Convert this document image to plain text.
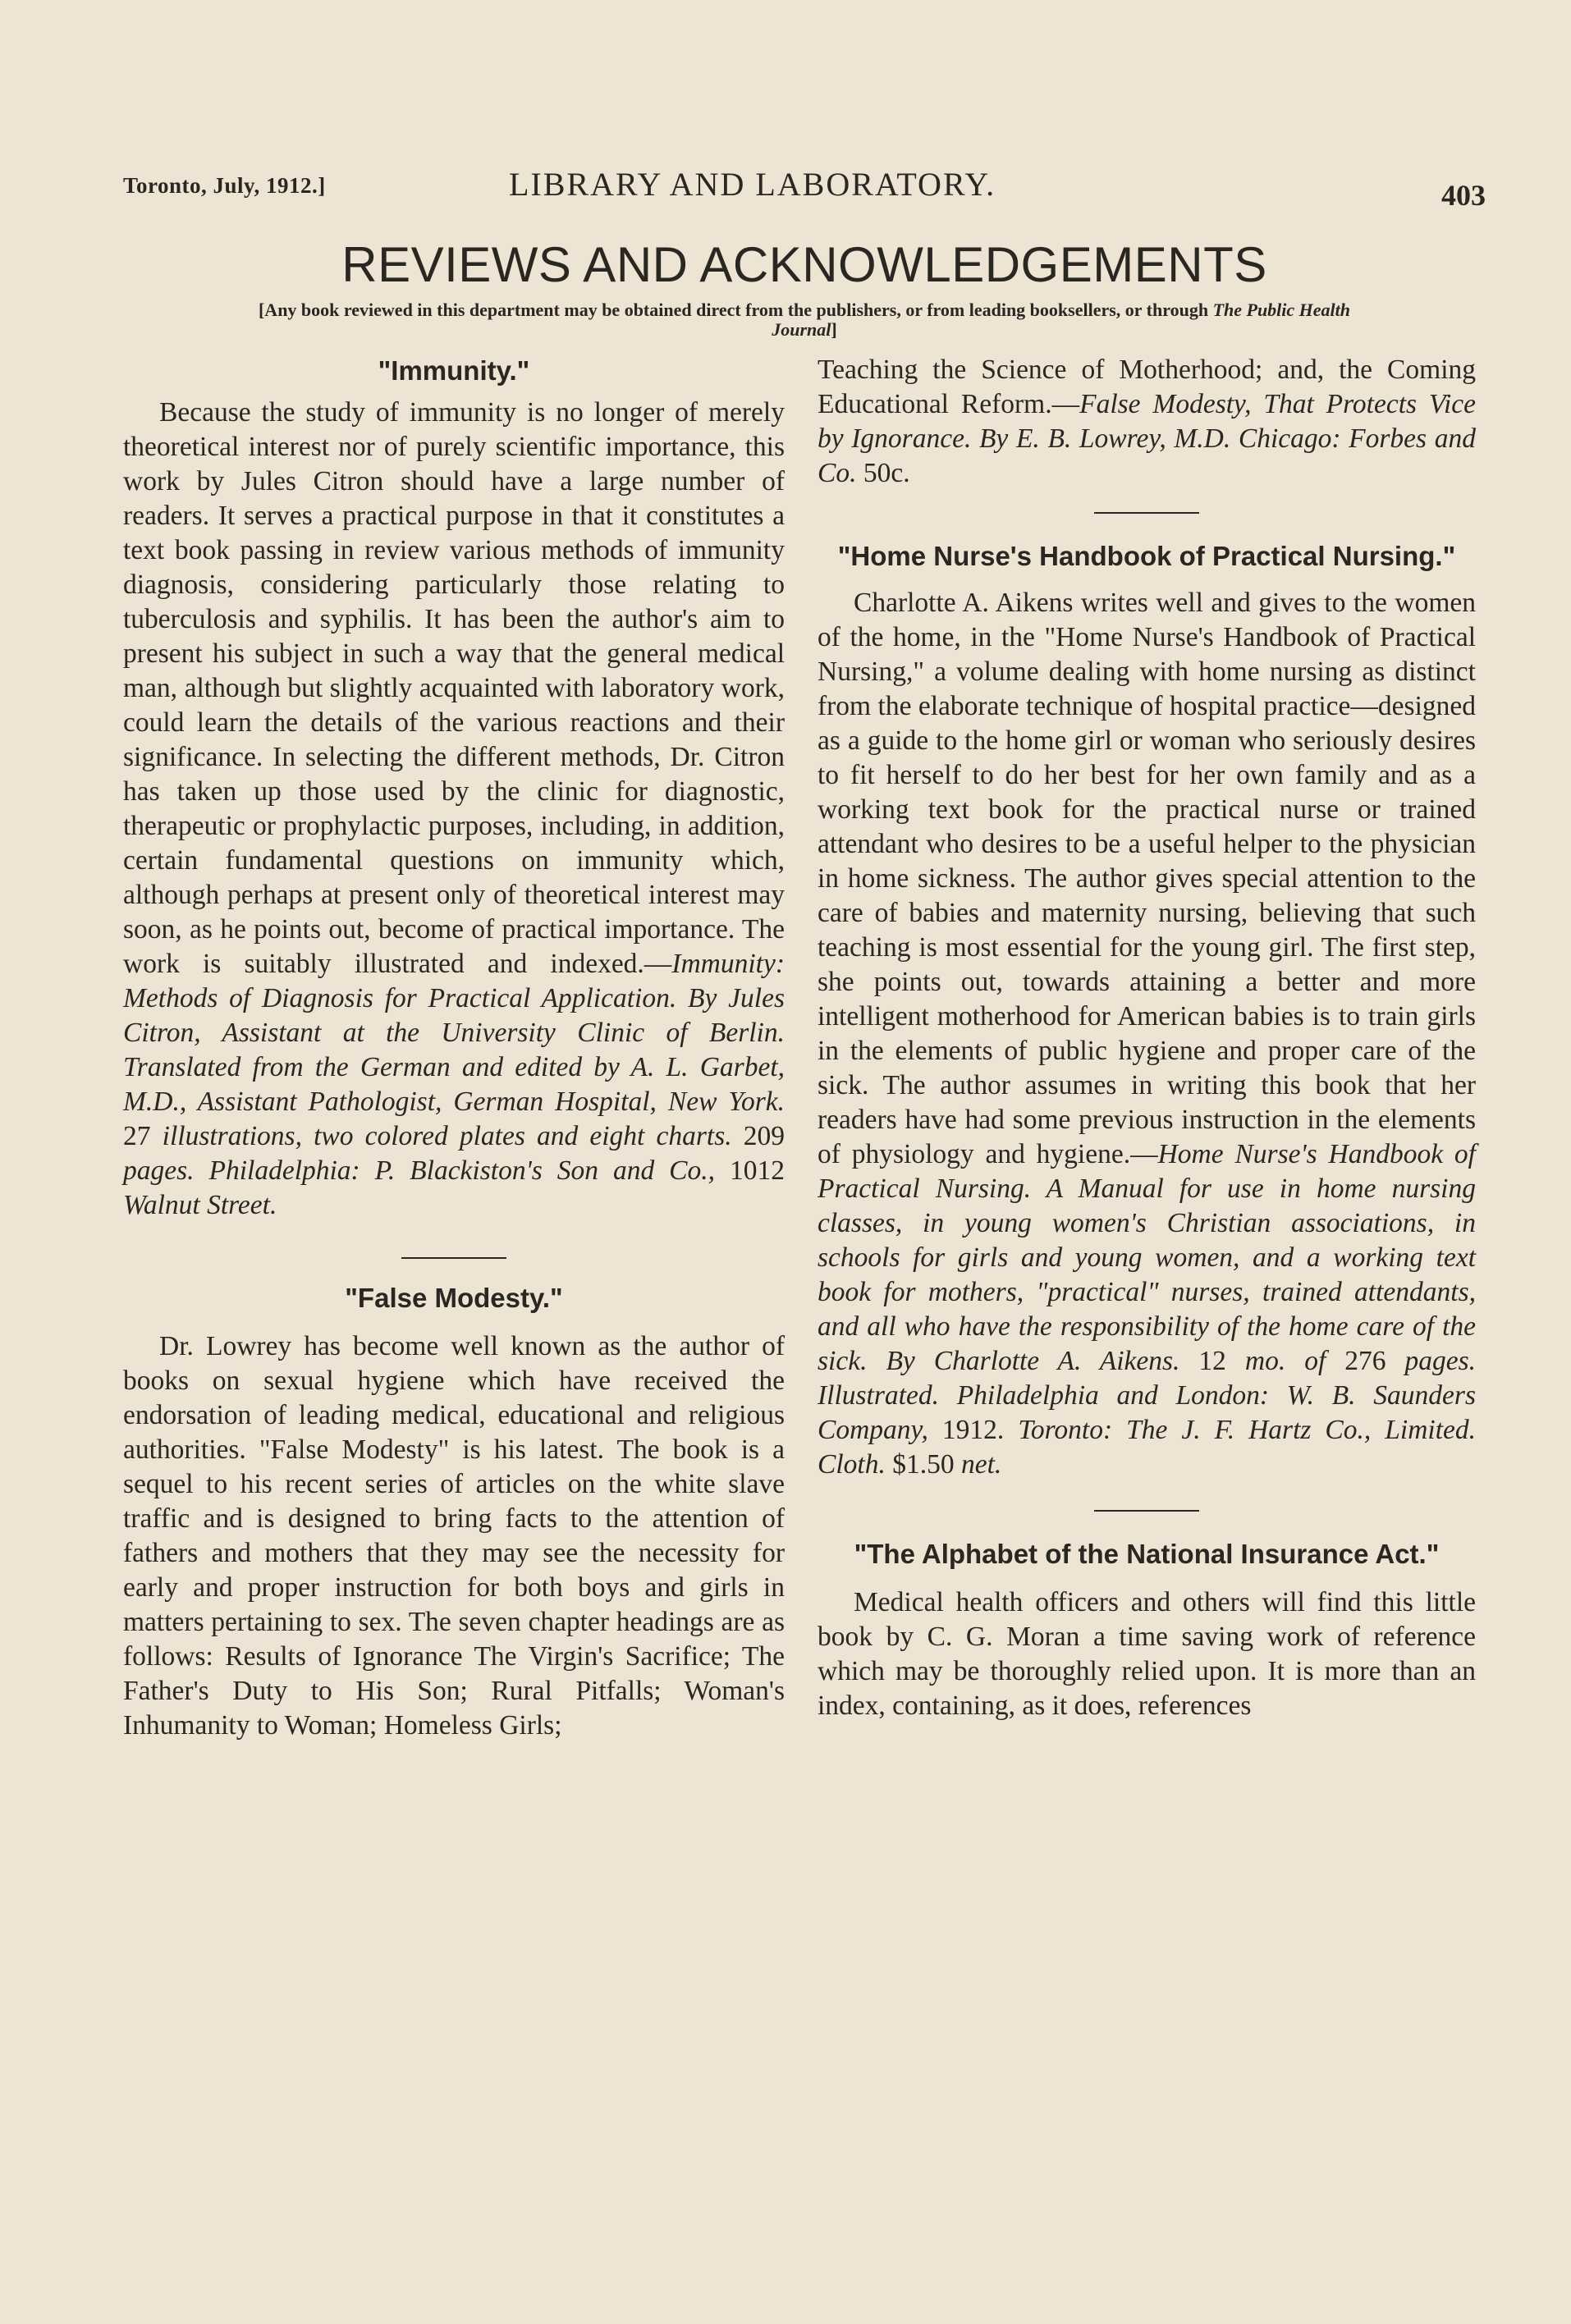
Toronto, July, 1912.]	LIBRARY AND LABORATORY.	403
REVIEWS AND ACKNOWLEDGEMENTS
[Any book reviewed in this department may be obtained direct from the publishers, or from leading booksellers, or through The Public Health Journal]
"Immunity."

Because the study of immunity is no longer of merely theoretical interest nor of purely scientific importance, this work by Jules Citron should have a large number of readers. It serves a practical purpose in that it constitutes a text book passing in review various methods of immunity diagnosis, considering particularly those relating to tuberculosis and syphilis. It has been the author's aim to present his subject in such a way that the general medical man, although but slightly acquainted with laboratory work, could learn the details of the various reactions and their significance. In selecting the different methods, Dr. Citron has taken up those used by the clinic for diagnostic, therapeutic or prophylactic purposes, including, in addition, certain fundamental questions on immunity which, although perhaps at present only of theoretical interest may soon, as he points out, become of practical importance. The work is suitably illustrated and indexed.—Immunity: Methods of Diagnosis for Practical Application. By Jules Citron, Assistant at the University Clinic of Berlin. Translated from the German and edited by A. L. Garbet, M.D., Assistant Pathologist, German Hospital, New York. 27 illustrations, two colored plates and eight charts. 209 pages. Philadelphia: P. Blackiston's Son and Co., 1012 Walnut Street.

"False Modesty."

Dr. Lowrey has become well known as the author of books on sexual hygiene which have received the endorsation of leading medical, educational and religious authorities. "False Modesty" is his latest. The book is a sequel to his recent series of articles on the white slave traffic and is designed to bring facts to the attention of fathers and mothers that they may see the necessity for early and proper instruction for both boys and girls in matters pertaining to sex. The seven chapter headings are as follows: Results of Ignorance The Virgin's Sacrifice; The Father's Duty to His Son; Rural Pitfalls; Woman's Inhumanity to Woman; Homeless Girls;

Teaching the Science of Motherhood; and, the Coming Educational Reform.—False Modesty, That Protects Vice by Ignorance. By E. B. Lowrey, M.D. Chicago: Forbes and Co. 50c.

"Home Nurse's Handbook of Practical Nursing."

Charlotte A. Aikens writes well and gives to the women of the home, in the "Home Nurse's Handbook of Practical Nursing," a volume dealing with home nursing as distinct from the elaborate technique of hospital practice—designed as a guide to the home girl or woman who seriously desires to fit herself to do her best for her own family and as a working text book for the practical nurse or trained attendant who desires to be a useful helper to the physician in home sickness. The author gives special attention to the care of babies and maternity nursing, believing that such teaching is most essential for the young girl. The first step, she points out, towards attaining a better and more intelligent motherhood for American babies is to train girls in the elements of public hygiene and proper care of the sick. The author assumes in writing this book that her readers have had some previous instruction in the elements of physiology and hygiene.—Home Nurse's Handbook of Practical Nursing. A Manual for use in home nursing classes, in young women's Christian associations, in schools for girls and young women, and a working text book for mothers, "practical" nurses, trained attendants, and all who have the responsibility of the home care of the sick. By Charlotte A. Aikens. 12 mo. of 276 pages. Illustrated. Philadelphia and London: W. B. Saunders Company, 1912. Toronto: The J. F. Hartz Co., Limited. Cloth. $1.50 net.

"The Alphabet of the National Insurance Act."

Medical health officers and others will find this little book by C. G. Moran a time saving work of reference which may be thoroughly relied upon. It is more than an index, containing, as it does, references
